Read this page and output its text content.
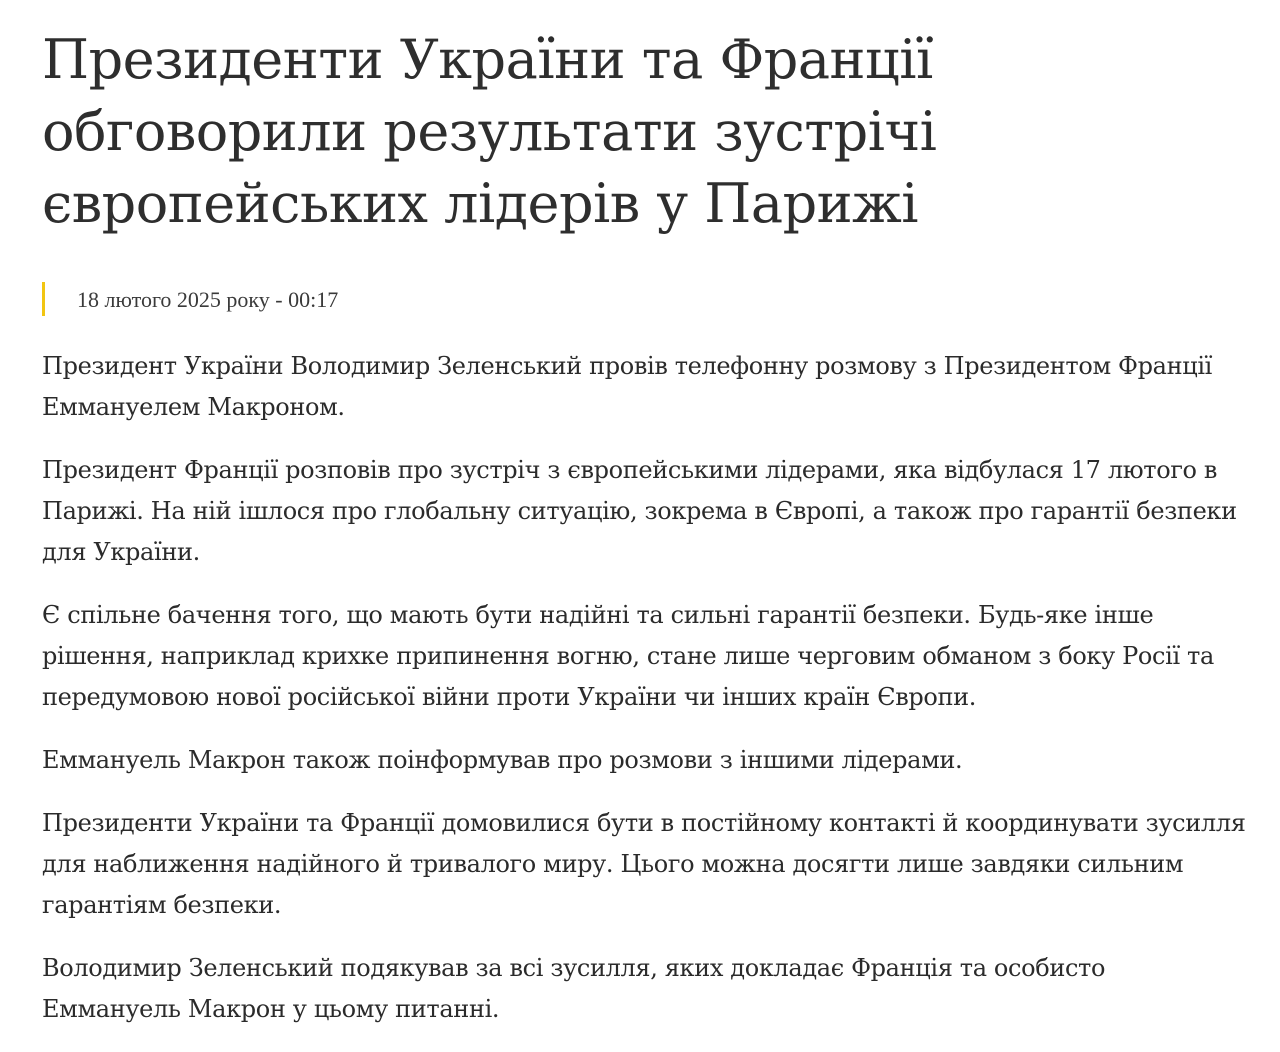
Президенти України та Франції обговорили результати зустрічі європейських лідерів у Парижі
18 лютого 2025 року - 00:17

Президент України Володимир Зеленський провів телефонну розмову з Президентом Франції Еммануелем Макроном.

Президент Франції розповів про зустріч з європейськими лідерами, яка відбулася 17 лютого в Парижі. На ній ішлося про глобальну ситуацію, зокрема в Європі, а також про гарантії безпеки для України.

Є спільне бачення того, що мають бути надійні та сильні гарантії безпеки. Будь-яке інше рішення, наприклад крихке припинення вогню, стане лише черговим обманом з боку Росії та передумовою нової російської війни проти України чи інших країн Європи.

Еммануель Макрон також поінформував про розмови з іншими лідерами.

Президенти України та Франції домовилися бути в постійному контакті й координувати зусилля для наближення надійного й тривалого миру. Цього можна досягти лише завдяки сильним гарантіям безпеки.

Володимир Зеленський подякував за всі зусилля, яких докладає Франція та особисто Еммануель Макрон у цьому питанні.
